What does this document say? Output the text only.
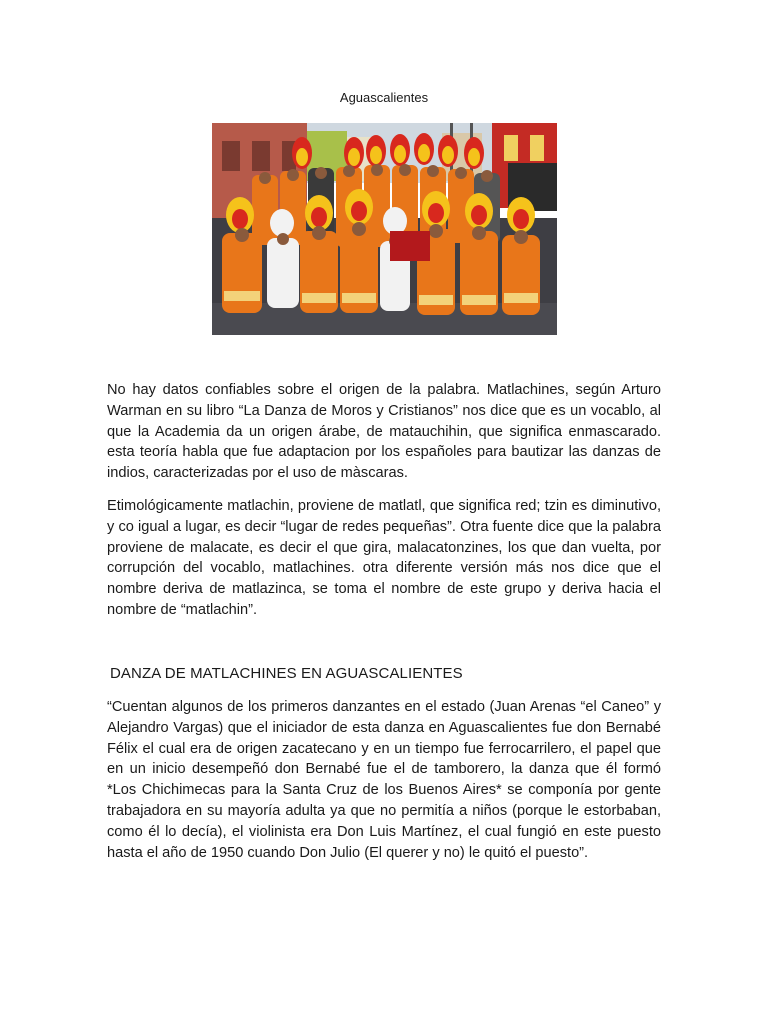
Aguascalientes

No hay datos confiables sobre el origen de la palabra. Matlachines, según Arturo Warman en su libro “La Danza de Moros y Cristianos” nos dice que es un vocablo, al que la Academia da un origen árabe, de matauchihin, que significa enmascarado. esta teoría habla que fue adaptacion por los españoles para bautizar las danzas de indios, caracterizadas por el uso de màscaras.

Etimológicamente matlachin, proviene de matlatl, que significa red; tzin es diminutivo, y co igual a lugar, es decir “lugar de redes pequeñas”. Otra fuente dice que la palabra proviene de malacate, es decir el que gira, malacatonzines, los que dan vuelta, por corrupción del vocablo, matlachines. otra diferente versión más nos dice que el nombre deriva de matlazinca, se toma el nombre de este grupo y deriva hacia el nombre de “matlachin”.

DANZA DE MATLACHINES EN AGUASCALIENTES

“Cuentan algunos de los primeros danzantes en el estado (Juan Arenas “el Caneo” y Alejandro Vargas) que el iniciador de esta danza en Aguascalientes fue don Bernabé Félix el cual era de origen zacatecano y en un tiempo fue ferrocarrilero, el papel que en un inicio desempeñó don Bernabé fue el de tamborero, la danza que él formó *Los Chichimecas para la Santa Cruz de los Buenos Aires* se componía por gente trabajadora en su mayoría adulta ya que no permitía a niños (porque le estorbaban, como él lo decía), el violinista era Don Luis Martínez, el cual fungió en este puesto hasta el año de 1950 cuando Don Julio (El querer y no) le quitó el puesto”.
